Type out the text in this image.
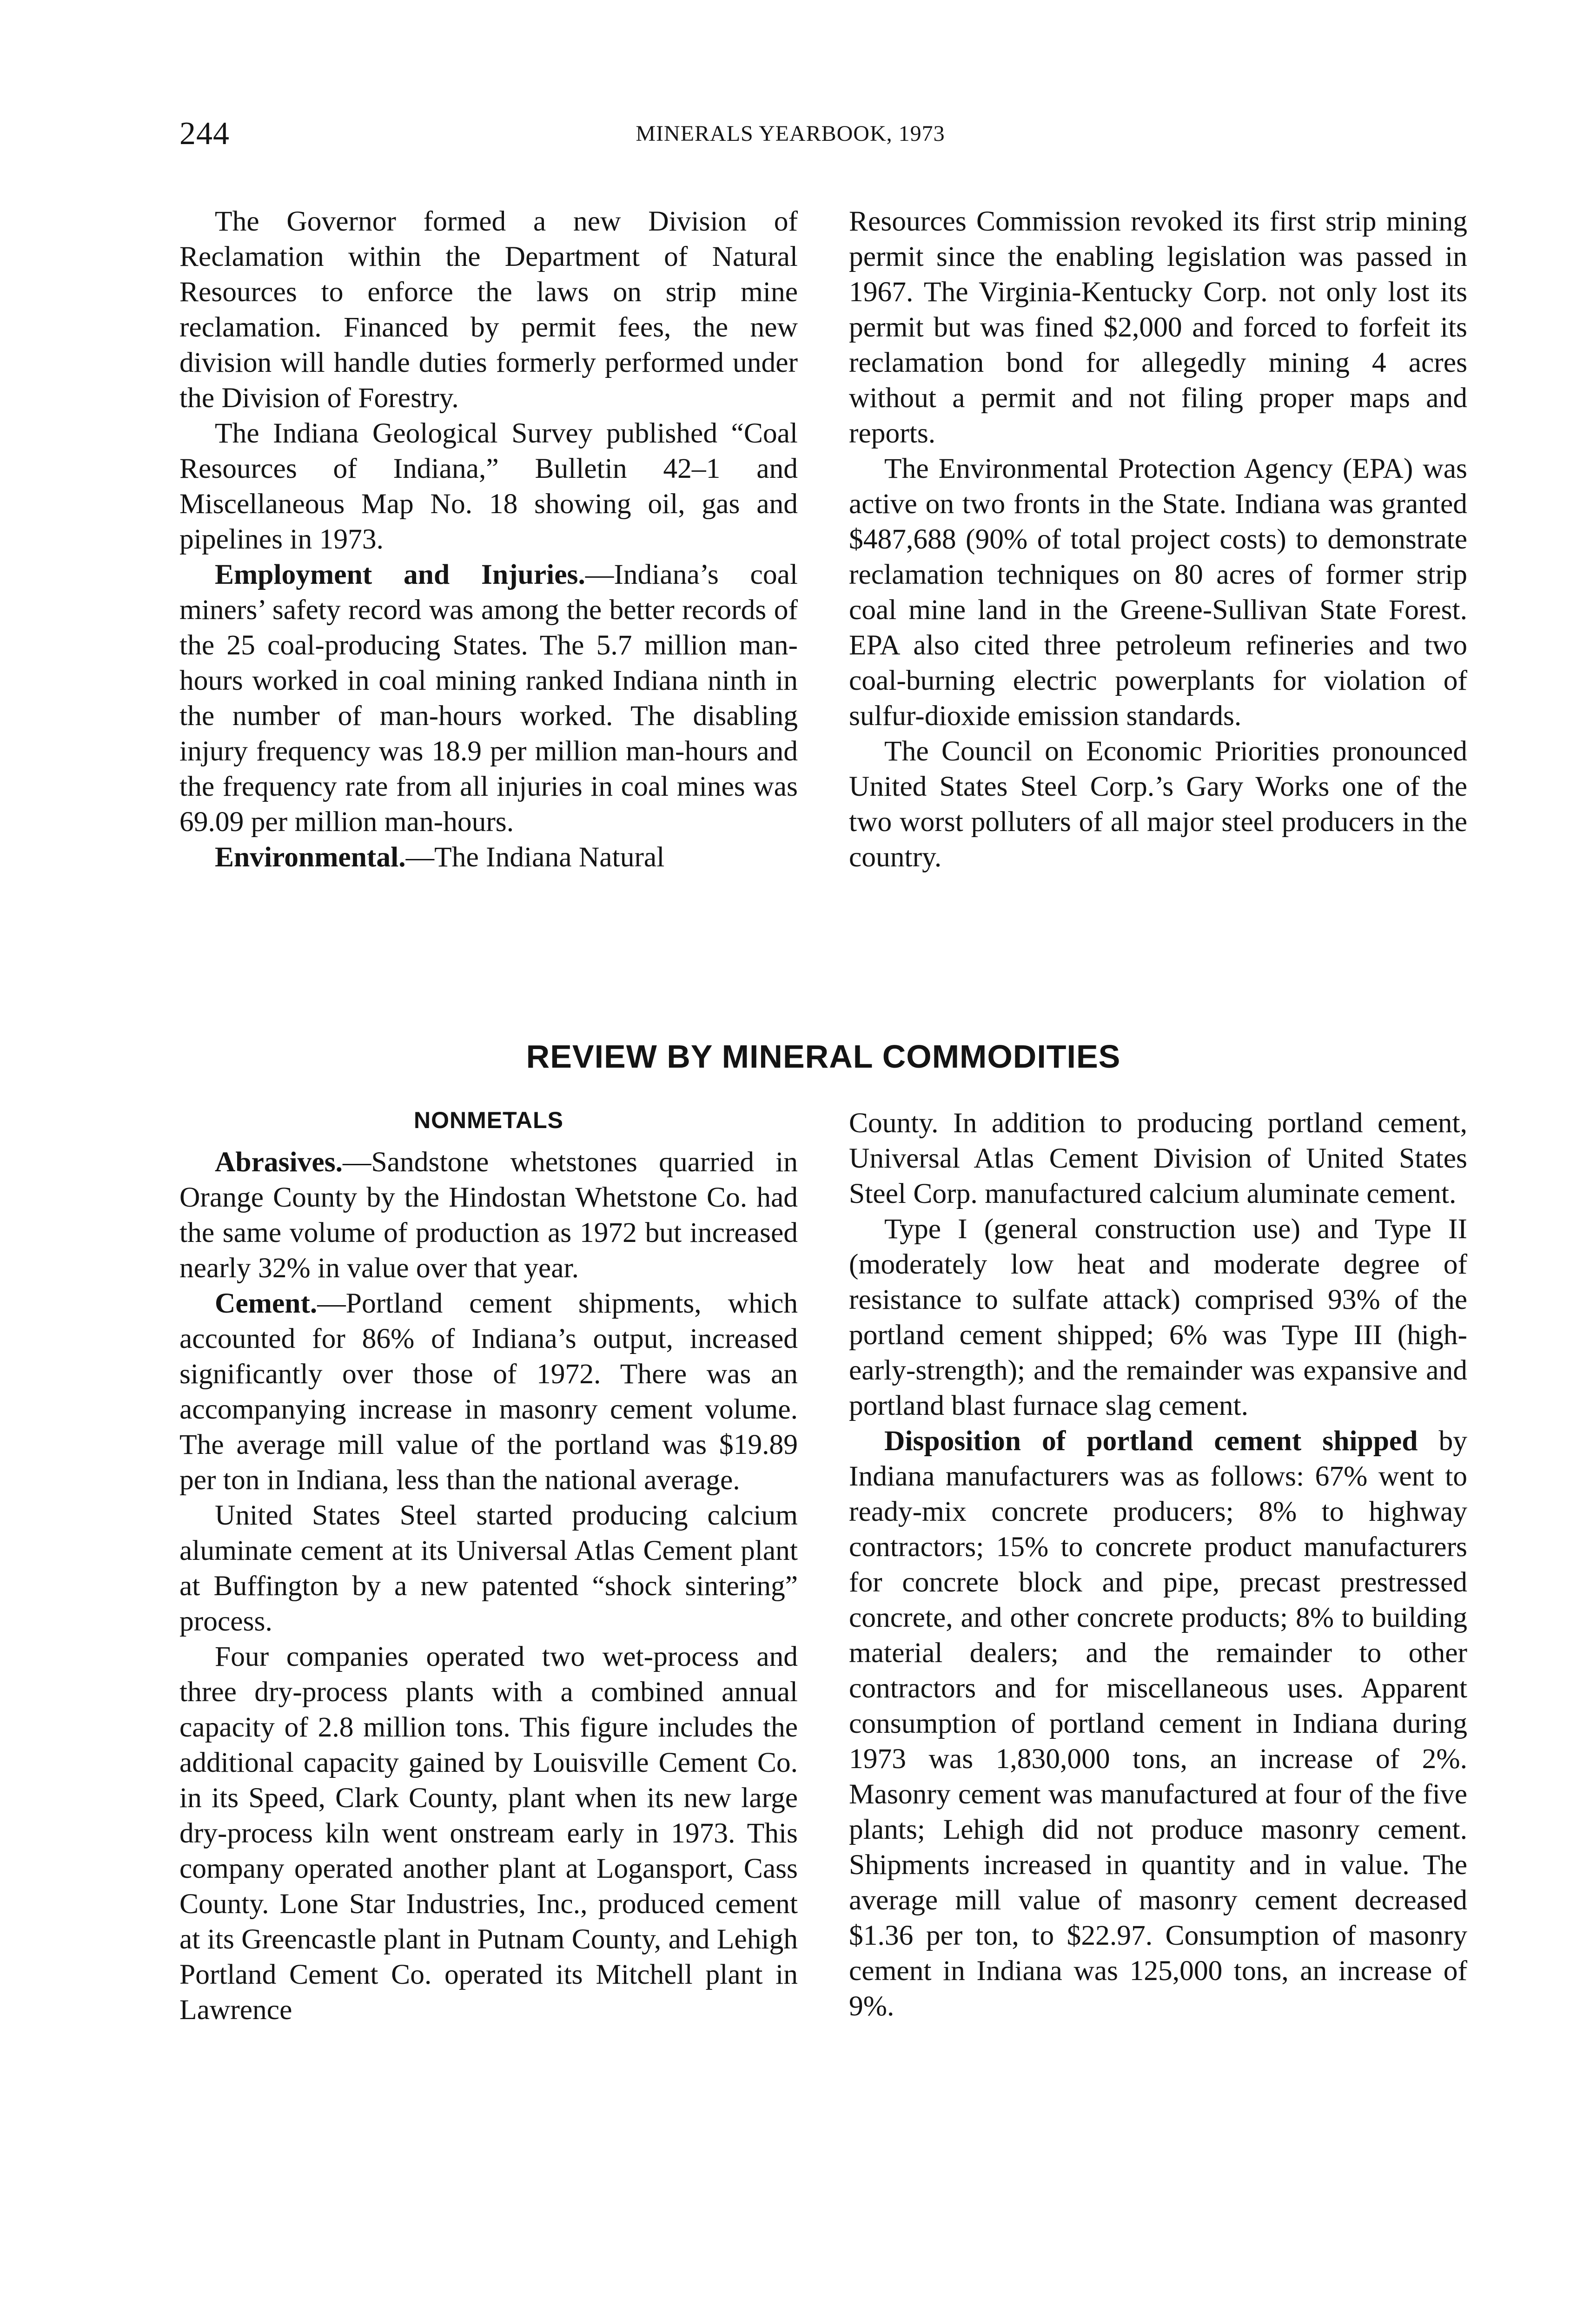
244	MINERALS YEARBOOK, 1973

The Governor formed a new Division of Reclamation within the Department of Natural Resources to enforce the laws on strip mine reclamation. Financed by permit fees, the new division will handle duties formerly performed under the Division of Forestry.

The Indiana Geological Survey published “Coal Resources of Indiana,” Bulletin 42–1 and Miscellaneous Map No. 18 showing oil, gas and pipelines in 1973.

Employment and Injuries.—Indiana’s coal miners’ safety record was among the better records of the 25 coal-producing States. The 5.7 million man-hours worked in coal mining ranked Indiana ninth in the number of man-hours worked. The disabling injury frequency was 18.9 per million man-hours and the frequency rate from all injuries in coal mines was 69.09 per million man-hours.

Environmental.—The Indiana Natural

Resources Commission revoked its first strip mining permit since the enabling legislation was passed in 1967. The Virginia-Kentucky Corp. not only lost its permit but was fined $2,000 and forced to forfeit its reclamation bond for allegedly mining 4 acres without a permit and not filing proper maps and reports.

The Environmental Protection Agency (EPA) was active on two fronts in the State. Indiana was granted $487,688 (90% of total project costs) to demonstrate reclamation techniques on 80 acres of former strip coal mine land in the Greene-Sullivan State Forest. EPA also cited three petroleum refineries and two coal-burning electric powerplants for violation of sulfur-dioxide emission standards.

The Council on Economic Priorities pronounced United States Steel Corp.’s Gary Works one of the two worst polluters of all major steel producers in the country.

REVIEW BY MINERAL COMMODITIES
NONMETALS

Abrasives.—Sandstone whetstones quarried in Orange County by the Hindostan Whetstone Co. had the same volume of production as 1972 but increased nearly 32% in value over that year.

Cement.—Portland cement shipments, which accounted for 86% of Indiana’s output, increased significantly over those of 1972. There was an accompanying increase in masonry cement volume. The average mill value of the portland was $19.89 per ton in Indiana, less than the national average.

United States Steel started producing calcium aluminate cement at its Universal Atlas Cement plant at Buffington by a new patented “shock sintering” process.

Four companies operated two wet-process and three dry-process plants with a combined annual capacity of 2.8 million tons. This figure includes the additional capacity gained by Louisville Cement Co. in its Speed, Clark County, plant when its new large dry-process kiln went onstream early in 1973. This company operated another plant at Logansport, Cass County. Lone Star Industries, Inc., produced cement at its Greencastle plant in Putnam County, and Lehigh Portland Cement Co. operated its Mitchell plant in Lawrence

County. In addition to producing portland cement, Universal Atlas Cement Division of United States Steel Corp. manufactured calcium aluminate cement.

Type I (general construction use) and Type II (moderately low heat and moderate degree of resistance to sulfate attack) comprised 93% of the portland cement shipped; 6% was Type III (high-early-strength); and the remainder was expansive and portland blast furnace slag cement.

Disposition of portland cement shipped by Indiana manufacturers was as follows: 67% went to ready-mix concrete producers; 8% to highway contractors; 15% to concrete product manufacturers for concrete block and pipe, precast prestressed concrete, and other concrete products; 8% to building material dealers; and the remainder to other contractors and for miscellaneous uses. Apparent consumption of portland cement in Indiana during 1973 was 1,830,000 tons, an increase of 2%. Masonry cement was manufactured at four of the five plants; Lehigh did not produce masonry cement. Shipments increased in quantity and in value. The average mill value of masonry cement decreased $1.36 per ton, to $22.97. Consumption of masonry cement in Indiana was 125,000 tons, an increase of 9%.
